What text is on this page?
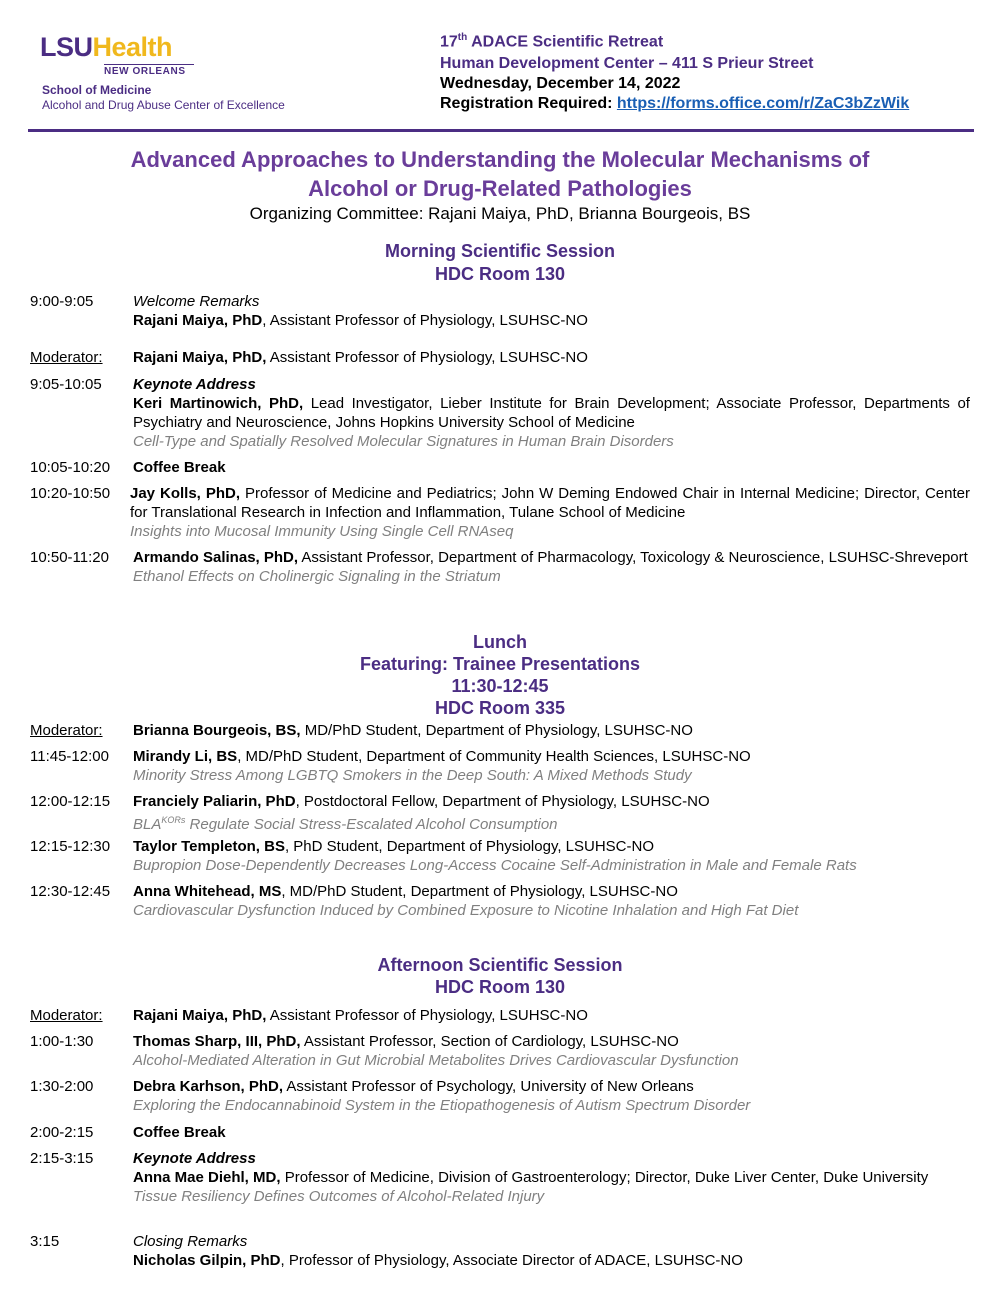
LSUHealth
NEW ORLEANS
School of Medicine
Alcohol and Drug Abuse Center of Excellence
17th ADACE Scientific Retreat
Human Development Center – 411 S Prieur Street
Wednesday, December 14, 2022
Registration Required: https://forms.office.com/r/ZaC3bZzWik
Advanced Approaches to Understanding the Molecular Mechanisms of
Alcohol or Drug-Related Pathologies
Organizing Committee: Rajani Maiya, PhD, Brianna Bourgeois, BS
Morning Scientific Session
HDC Room 130
9:00-9:05	Welcome Remarks
Rajani Maiya, PhD, Assistant Professor of Physiology, LSUHSC-NO
Moderator: Rajani Maiya, PhD, Assistant Professor of Physiology, LSUHSC-NO
9:05-10:05 Keynote Address
Keri Martinowich, PhD, Lead Investigator, Lieber Institute for Brain Development; Associate Professor, Departments of Psychiatry and Neuroscience, Johns Hopkins University School of Medicine
Cell-Type and Spatially Resolved Molecular Signatures in Human Brain Disorders
10:05-10:20 Coffee Break
10:20-10:50 Jay Kolls, PhD, Professor of Medicine and Pediatrics; John W Deming Endowed Chair in Internal Medicine; Director, Center for Translational Research in Infection and Inflammation, Tulane School of Medicine
Insights into Mucosal Immunity Using Single Cell RNAseq
10:50-11:20 Armando Salinas, PhD, Assistant Professor, Department of Pharmacology, Toxicology & Neuroscience, LSUHSC-Shreveport
Ethanol Effects on Cholinergic Signaling in the Striatum
Lunch
Featuring: Trainee Presentations
11:30-12:45
HDC Room 335
Moderator: Brianna Bourgeois, BS, MD/PhD Student, Department of Physiology, LSUHSC-NO
11:45-12:00 Mirandy Li, BS, MD/PhD Student, Department of Community Health Sciences, LSUHSC-NO
Minority Stress Among LGBTQ Smokers in the Deep South: A Mixed Methods Study
12:00-12:15 Franciely Paliarin, PhD, Postdoctoral Fellow, Department of Physiology, LSUHSC-NO
$BLA^{KORs}$ Regulate Social Stress-Escalated Alcohol Consumption
12:15-12:30 Taylor Templeton, BS, PhD Student, Department of Physiology, LSUHSC-NO
Bupropion Dose-Dependently Decreases Long-Access Cocaine Self-Administration in Male and Female Rats
12:30-12:45 Anna Whitehead, MS, MD/PhD Student, Department of Physiology, LSUHSC-NO
Cardiovascular Dysfunction Induced by Combined Exposure to Nicotine Inhalation and High Fat Diet
Afternoon Scientific Session
HDC Room 130
Moderator: Rajani Maiya, PhD, Assistant Professor of Physiology, LSUHSC-NO
1:00-1:30	Thomas Sharp, III, PhD, Assistant Professor, Section of Cardiology, LSUHSC-NO
Alcohol-Mediated Alteration in Gut Microbial Metabolites Drives Cardiovascular Dysfunction
1:30-2:00	Debra Karhson, PhD, Assistant Professor of Psychology, University of New Orleans
Exploring the Endocannabinoid System in the Etiopathogenesis of Autism Spectrum Disorder
2:00-2:15	Coffee Break
2:15-3:15	Keynote Address
Anna Mae Diehl, MD, Professor of Medicine, Division of Gastroenterology; Director, Duke Liver Center, Duke University
Tissue Resiliency Defines Outcomes of Alcohol-Related Injury
3:15	Closing Remarks
Nicholas Gilpin, PhD, Professor of Physiology, Associate Director of ADACE, LSUHSC-NO
